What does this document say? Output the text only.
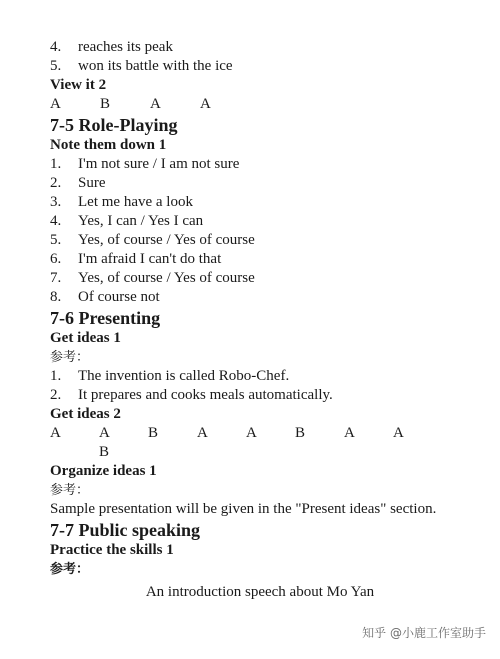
4. reaches its peak
5. won its battle with the ice
View it 2
A	B	A	A
7-5 Role-Playing
Note them down 1
1. I'm not sure / I am not sure
2. Sure
3. Let me have a look
4. Yes, I can / Yes I can
5. Yes, of course / Yes of course
6. I'm afraid I can't do that
7. Yes, of course / Yes of course
8. Of course not
7-6 Presenting
Get ideas 1
参考：
1. The invention is called Robo-Chef.
2. It prepares and cooks meals automatically.
Get ideas 2
A	A	B	A	A	B	A	A
B
Organize ideas 1
参考：
Sample presentation will be given in the "Present ideas" section.
7-7 Public speaking
Practice the skills 1
参考：
An introduction speech about Mo Yan
知乎 @小鹿工作室助手
